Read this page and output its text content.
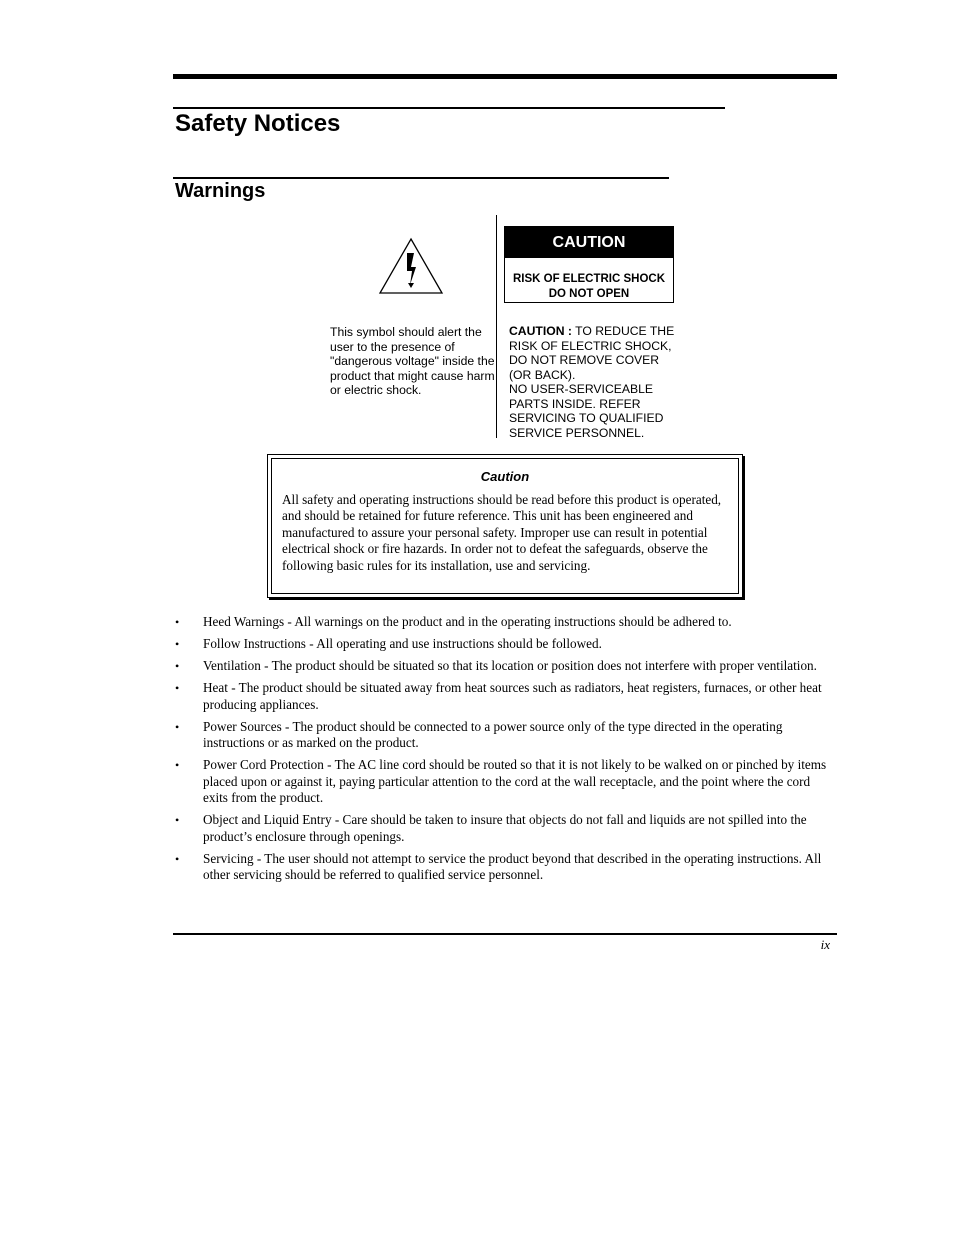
Safety Notices
Warnings
This symbol should alert the user to the presence of "dangerous voltage" inside the product that might cause harm or electric shock.
CAUTION
RISK OF ELECTRIC SHOCK
DO NOT OPEN
CAUTION : TO REDUCE THE RISK OF ELECTRIC SHOCK, DO NOT REMOVE COVER (OR BACK).
NO USER-SERVICEABLE PARTS INSIDE. REFER SERVICING TO QUALIFIED SERVICE PERSONNEL.
Caution
All safety and operating instructions should be read before this product is operated, and should be retained for future reference. This unit has been engineered and manufactured to assure your personal safety. Improper use can result in potential electrical shock or fire hazards. In order not to defeat the safeguards, observe the following basic rules for its installation, use and servicing.
• Heed Warnings - All warnings on the product and in the operating instructions should be adhered to.
• Follow Instructions - All operating and use instructions should be followed.
• Ventilation - The product should be situated so that its location or position does not interfere with proper ventilation.
• Heat - The product should be situated away from heat sources such as radiators, heat registers, furnaces, or other heat producing appliances.
• Power Sources - The product should be connected to a power source only of the type directed in the operating instructions or as marked on the product.
• Power Cord Protection - The AC line cord should be routed so that it is not likely to be walked on or pinched by items placed upon or against it, paying particular attention to the cord at the wall receptacle, and the point where the cord exits from the product.
• Object and Liquid Entry - Care should be taken to insure that objects do not fall and liquids are not spilled into the product’s enclosure through openings.
• Servicing - The user should not attempt to service the product beyond that described in the operating instructions. All other servicing should be referred to qualified service personnel.
ix
